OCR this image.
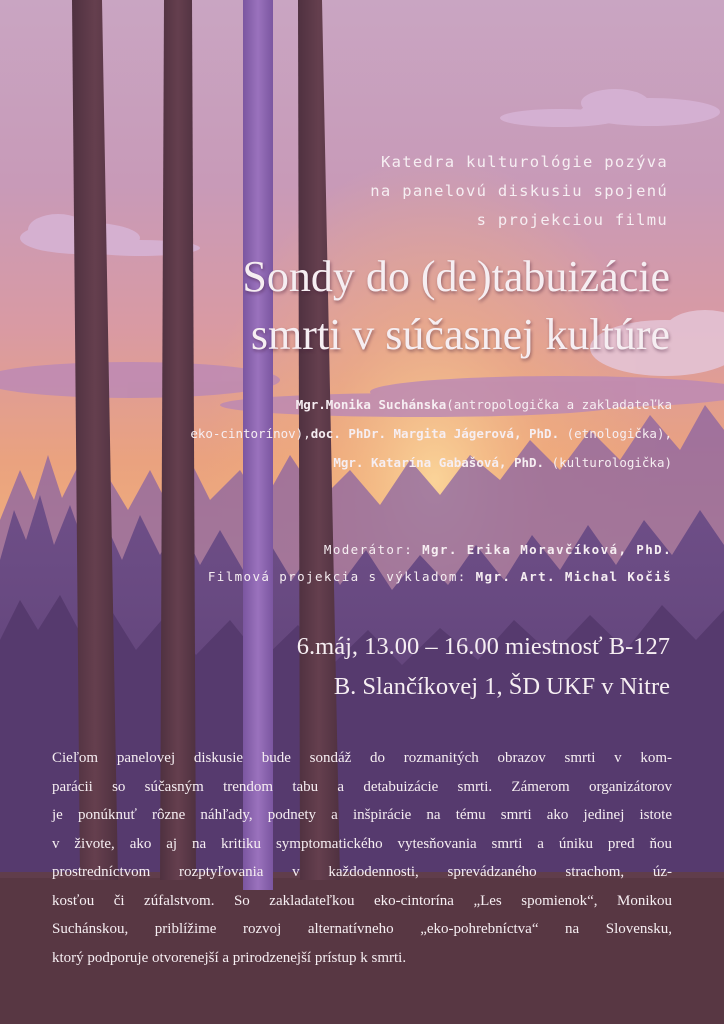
Katedra kulturológie pozýva
na panelovú diskusiu spojenú
s projekciou filmu
Sondy do (de)tabuizácie
smrti v súčasnej kultúre
Mgr.Monika Suchánska(antropologička a zakladateľka
eko-cintorínov),doc. PhDr. Margita Jágerová, PhD. (etnologička),
Mgr. Katarína Gabašová, PhD. (kulturologička)
Moderátor: Mgr. Erika Moravčíková, PhD.
Filmová projekcia s výkladom: Mgr. Art. Michal Kočiš
6.máj, 13.00 – 16.00 miestnosť B-127
B. Slančíkovej 1, ŠD UKF v Nitre
Cieľom panelovej diskusie bude sondáž do rozmanitých obrazov smrti v kom-
parácii so súčasným trendom tabu a detabuizácie smrti. Zámerom organizátorov
je ponúknuť rôzne náhľady, podnety a inšpirácie na tému smrti ako jedinej istote
v živote, ako aj na kritiku symptomatického vytesňovania smrti a úniku pred ňou
prostredníctvom rozptyľovania v každodennosti, sprevádzaného strachom, úz-
kosťou či zúfalstvom. So zakladateľkou eko-cintorína „Les spomienok“, Monikou
Suchánskou, priblížime rozvoj alternatívneho „eko-pohrebníctva“ na Slovensku,
ktorý podporuje otvorenejší a prirodzenejší prístup k smrti.
